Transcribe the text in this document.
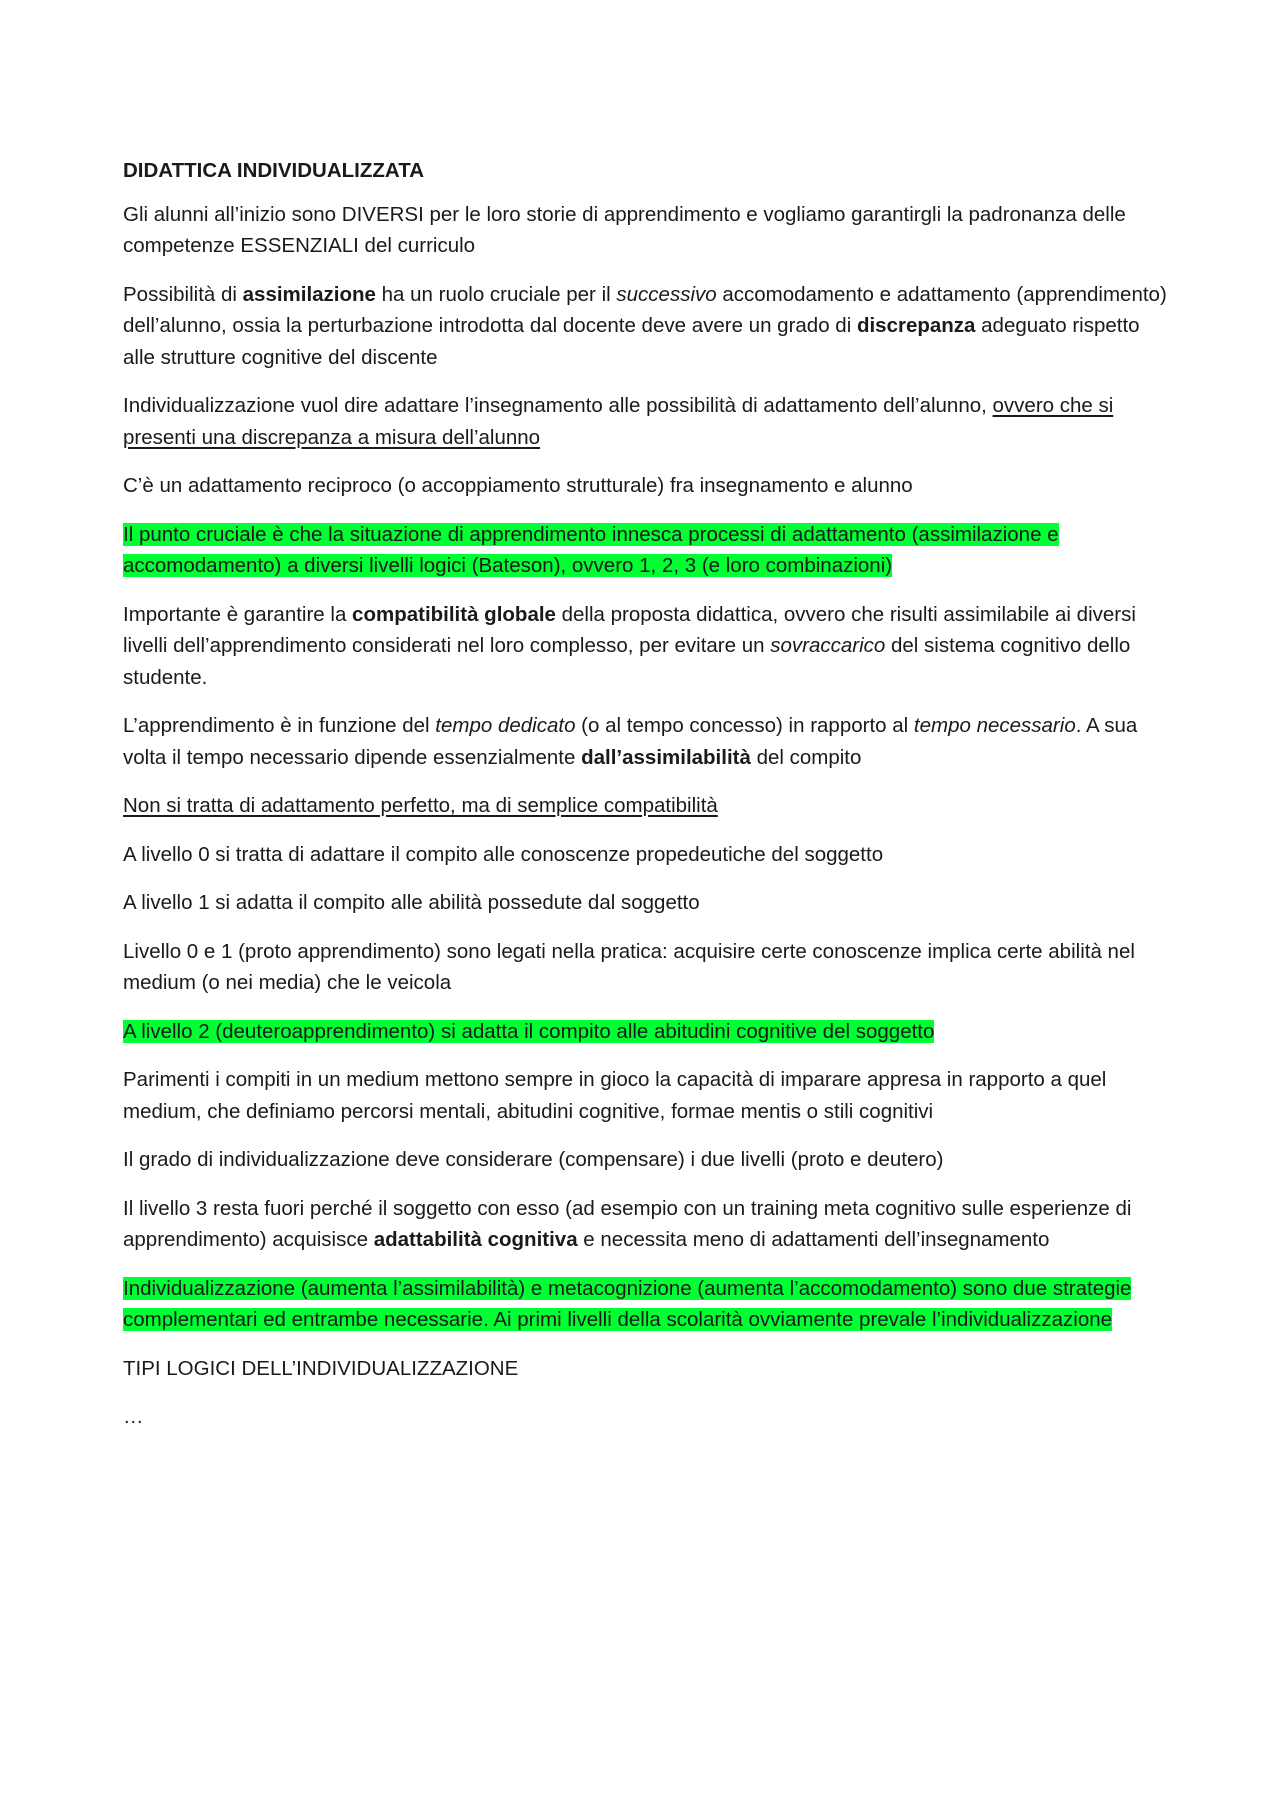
DIDATTICA INDIVIDUALIZZATA

Gli alunni all’inizio sono DIVERSI per le loro storie di apprendimento e vogliamo garantirgli la padronanza delle competenze ESSENZIALI del curriculo

Possibilità di assimilazione ha un ruolo cruciale per il successivo accomodamento e adattamento (apprendimento) dell’alunno, ossia la perturbazione introdotta dal docente deve avere un grado di discrepanza adeguato rispetto alle strutture cognitive del discente

Individualizzazione vuol dire adattare l’insegnamento alle possibilità di adattamento dell’alunno, ovvero che si presenti una discrepanza a misura dell’alunno

C’è un adattamento reciproco (o accoppiamento strutturale) fra insegnamento e alunno

Il punto cruciale è che la situazione di apprendimento innesca processi di adattamento (assimilazione e accomodamento) a diversi livelli logici (Bateson), ovvero 1, 2, 3 (e loro combinazioni)

Importante è garantire la compatibilità globale della proposta didattica, ovvero che risulti assimilabile ai diversi livelli dell’apprendimento considerati nel loro complesso, per evitare un sovraccarico del sistema cognitivo dello studente.

L’apprendimento è in funzione del tempo dedicato (o al tempo concesso) in rapporto al tempo necessario. A sua volta il tempo necessario dipende essenzialmente dall’assimilabilità del compito

Non si tratta di adattamento perfetto, ma di semplice compatibilità

A livello 0 si tratta di adattare il compito alle conoscenze propedeutiche del soggetto

A livello 1 si adatta il compito alle abilità possedute dal soggetto

Livello 0 e 1 (proto apprendimento) sono legati nella pratica: acquisire certe conoscenze implica certe abilità nel medium (o nei media) che le veicola

A livello 2 (deuteroapprendimento) si adatta il compito alle abitudini cognitive del soggetto

Parimenti i compiti in un medium mettono sempre in gioco la capacità di imparare appresa in rapporto a quel medium, che definiamo percorsi mentali, abitudini cognitive, formae mentis o stili cognitivi

Il grado di individualizzazione deve considerare (compensare) i due livelli (proto e deutero)

Il livello 3 resta fuori perché il soggetto con esso (ad esempio con un training meta cognitivo sulle esperienze di apprendimento) acquisisce adattabilità cognitiva e necessita meno di adattamenti dell’insegnamento

Individualizzazione (aumenta l’assimilabilità) e metacognizione (aumenta l’accomodamento) sono due strategie complementari ed entrambe necessarie. Ai primi livelli della scolarità ovviamente prevale l’individualizzazione

TIPI LOGICI DELL’INDIVIDUALIZZAZIONE

…
